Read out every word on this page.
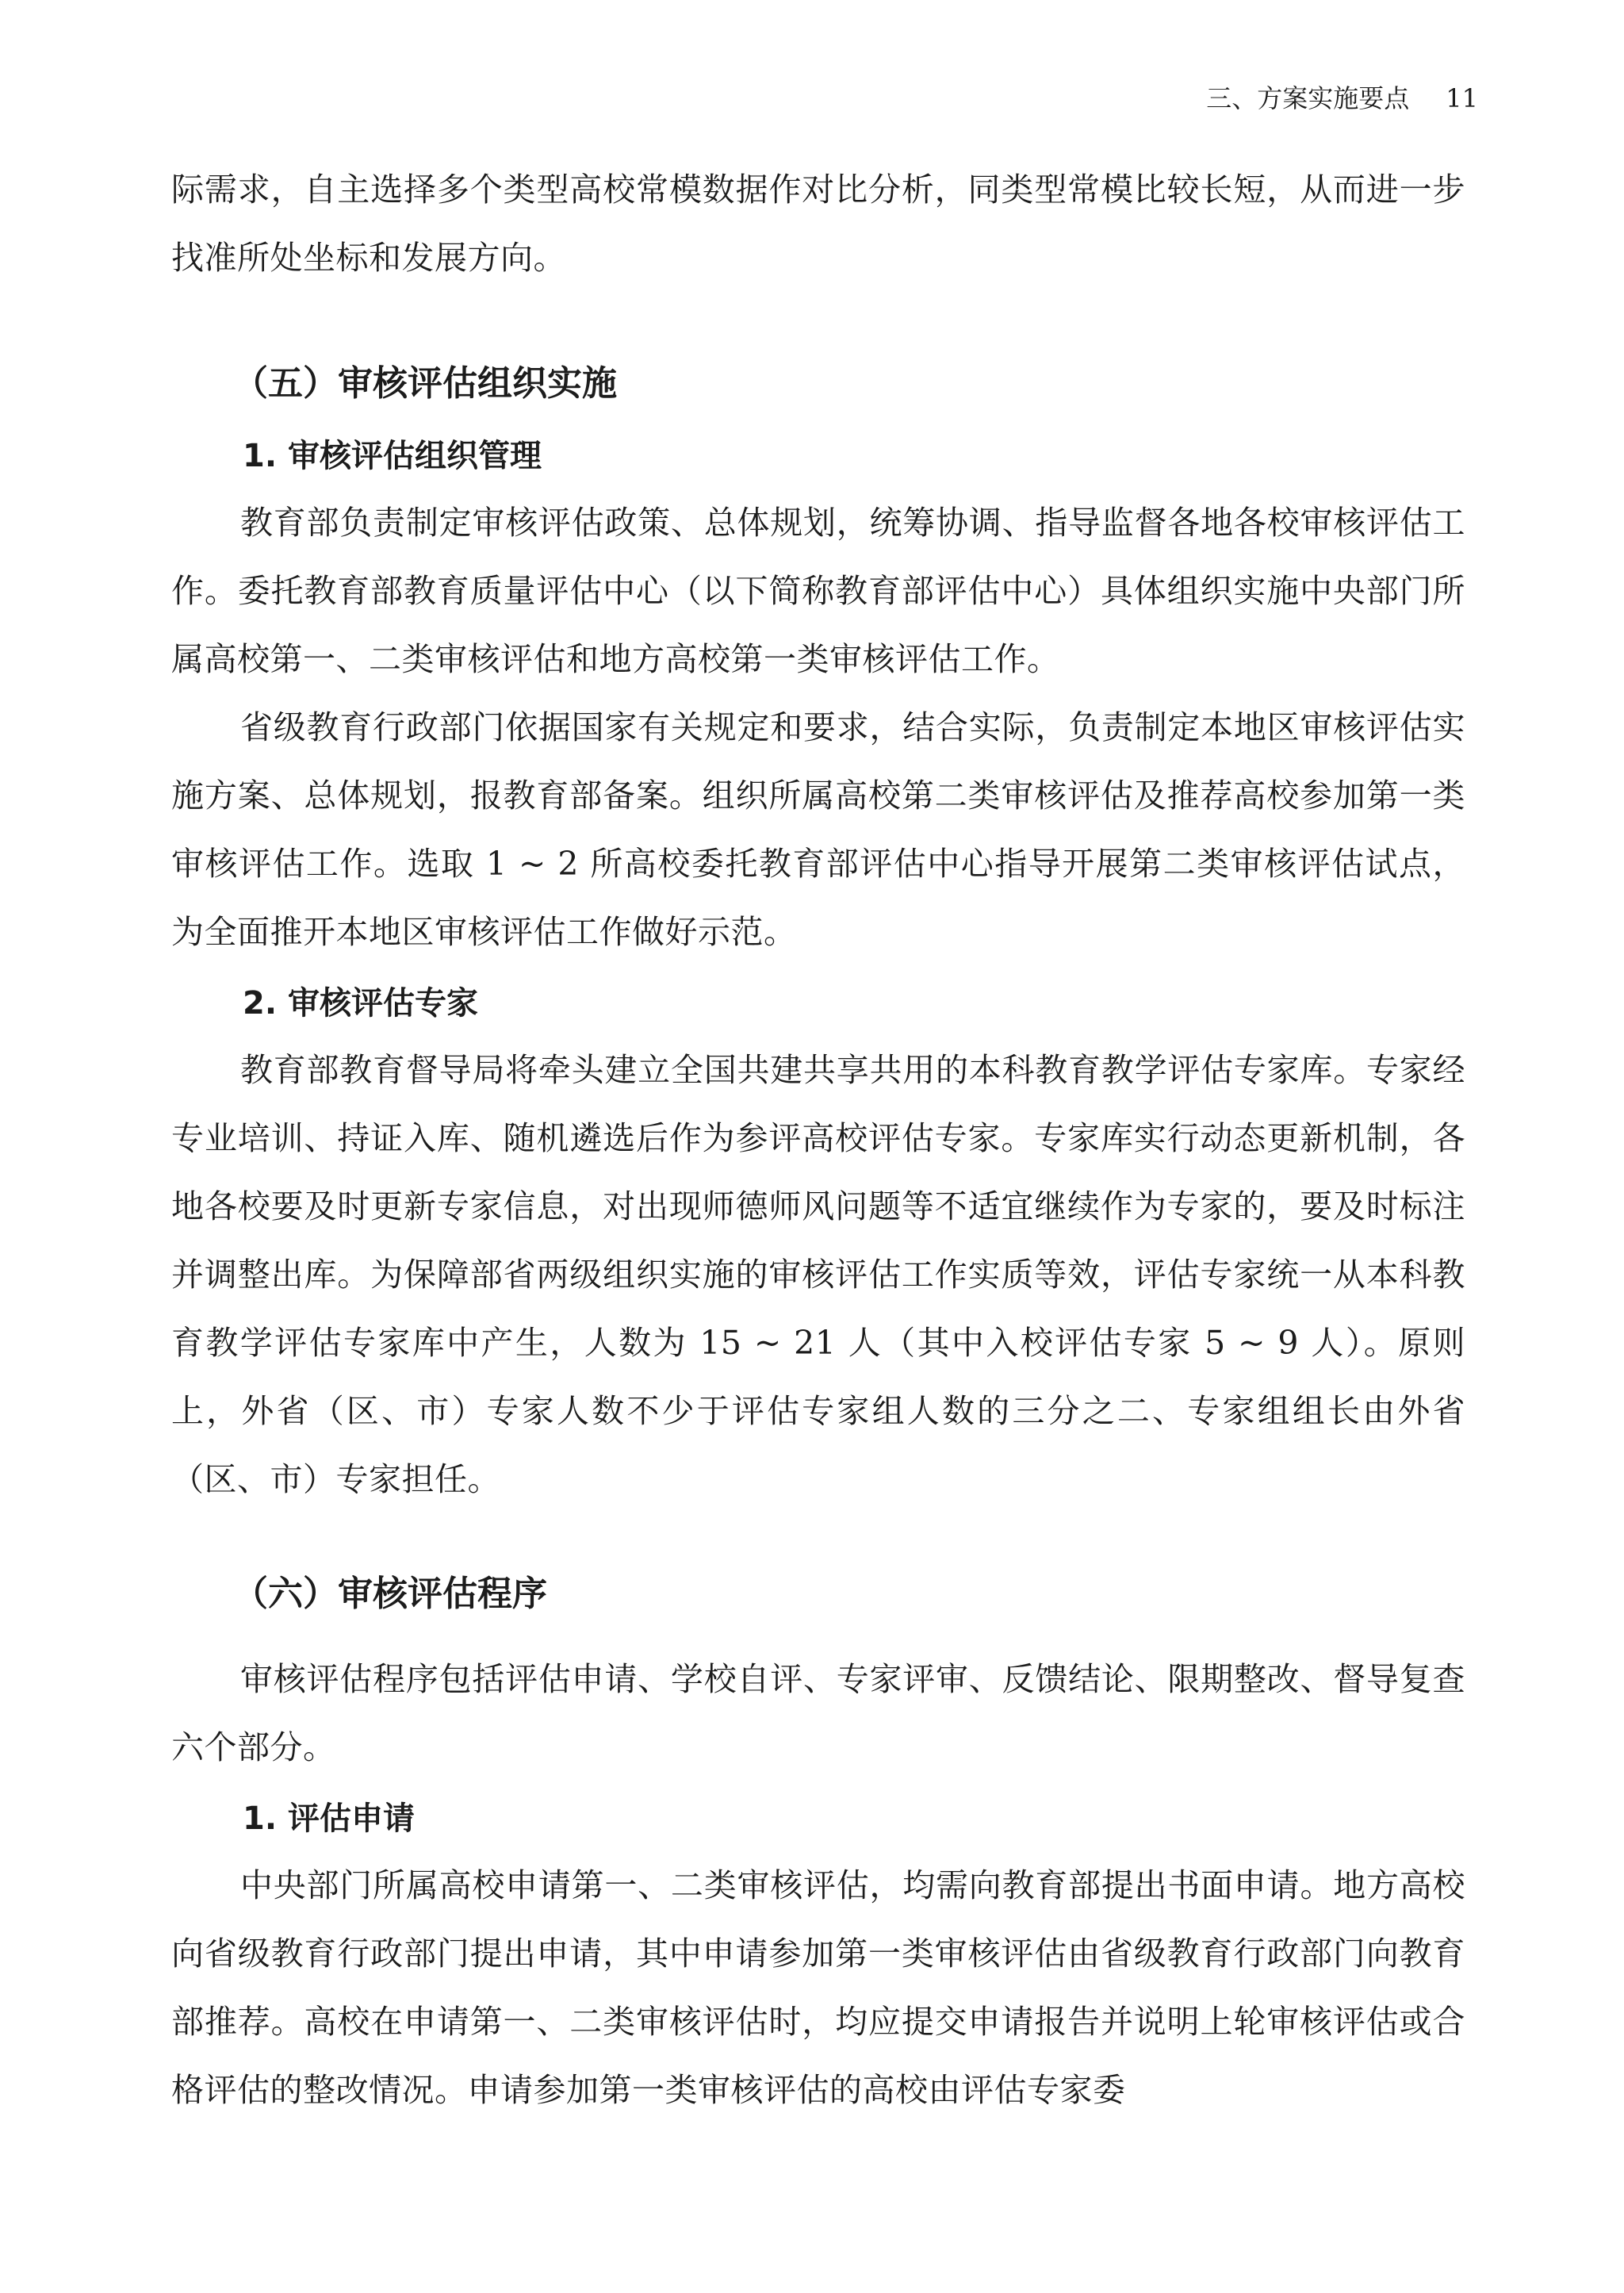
三、方案实施要点 11

际需求，自主选择多个类型高校常模数据作对比分析，同类型常模比较长短，从而进一步找准所处坐标和发展方向。

（五）审核评估组织实施
1. 审核评估组织管理

教育部负责制定审核评估政策、总体规划，统筹协调、指导监督各地各校审核评估工作。委托教育部教育质量评估中心（以下简称教育部评估中心）具体组织实施中央部门所属高校第一、二类审核评估和地方高校第一类审核评估工作。

省级教育行政部门依据国家有关规定和要求，结合实际，负责制定本地区审核评估实施方案、总体规划，报教育部备案。组织所属高校第二类审核评估及推荐高校参加第一类审核评估工作。选取 1 ~ 2 所高校委托教育部评估中心指导开展第二类审核评估试点，为全面推开本地区审核评估工作做好示范。

2. 审核评估专家

教育部教育督导局将牵头建立全国共建共享共用的本科教育教学评估专家库。专家经专业培训、持证入库、随机遴选后作为参评高校评估专家。专家库实行动态更新机制，各地各校要及时更新专家信息，对出现师德师风问题等不适宜继续作为专家的，要及时标注并调整出库。为保障部省两级组织实施的审核评估工作实质等效，评估专家统一从本科教育教学评估专家库中产生，人数为 15 ~ 21 人（其中入校评估专家 5 ~ 9 人）。原则上，外省（区、市）专家人数不少于评估专家组人数的三分之二、专家组组长由外省（区、市）专家担任。

（六）审核评估程序

审核评估程序包括评估申请、学校自评、专家评审、反馈结论、限期整改、督导复查六个部分。

1. 评估申请

中央部门所属高校申请第一、二类审核评估，均需向教育部提出书面申请。地方高校向省级教育行政部门提出申请，其中申请参加第一类审核评估由省级教育行政部门向教育部推荐。高校在申请第一、二类审核评估时，均应提交申请报告并说明上轮审核评估或合格评估的整改情况。申请参加第一类审核评估的高校由评估专家委
